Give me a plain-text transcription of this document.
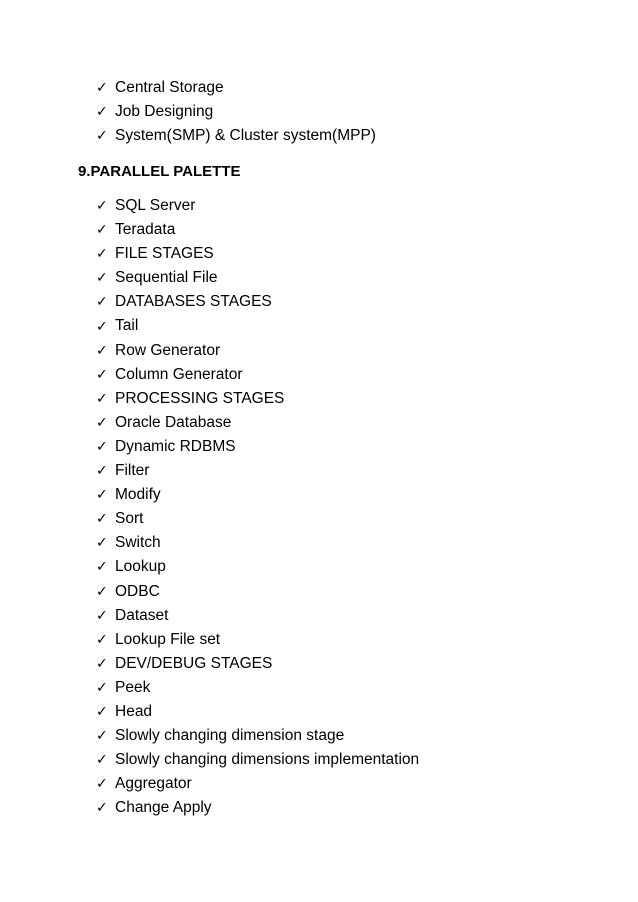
✓ Central Storage
✓ Job Designing
✓ System(SMP) & Cluster system(MPP)
9.PARALLEL PALETTE
✓ SQL Server
✓ Teradata
✓ FILE STAGES
✓ Sequential File
✓ DATABASES STAGES
✓ Tail
✓ Row Generator
✓ Column Generator
✓ PROCESSING STAGES
✓ Oracle Database
✓ Dynamic RDBMS
✓ Filter
✓ Modify
✓ Sort
✓ Switch
✓ Lookup
✓ ODBC
✓ Dataset
✓ Lookup File set
✓ DEV/DEBUG STAGES
✓ Peek
✓ Head
✓ Slowly changing dimension stage
✓ Slowly changing dimensions implementation
✓ Aggregator
✓ Change Apply
